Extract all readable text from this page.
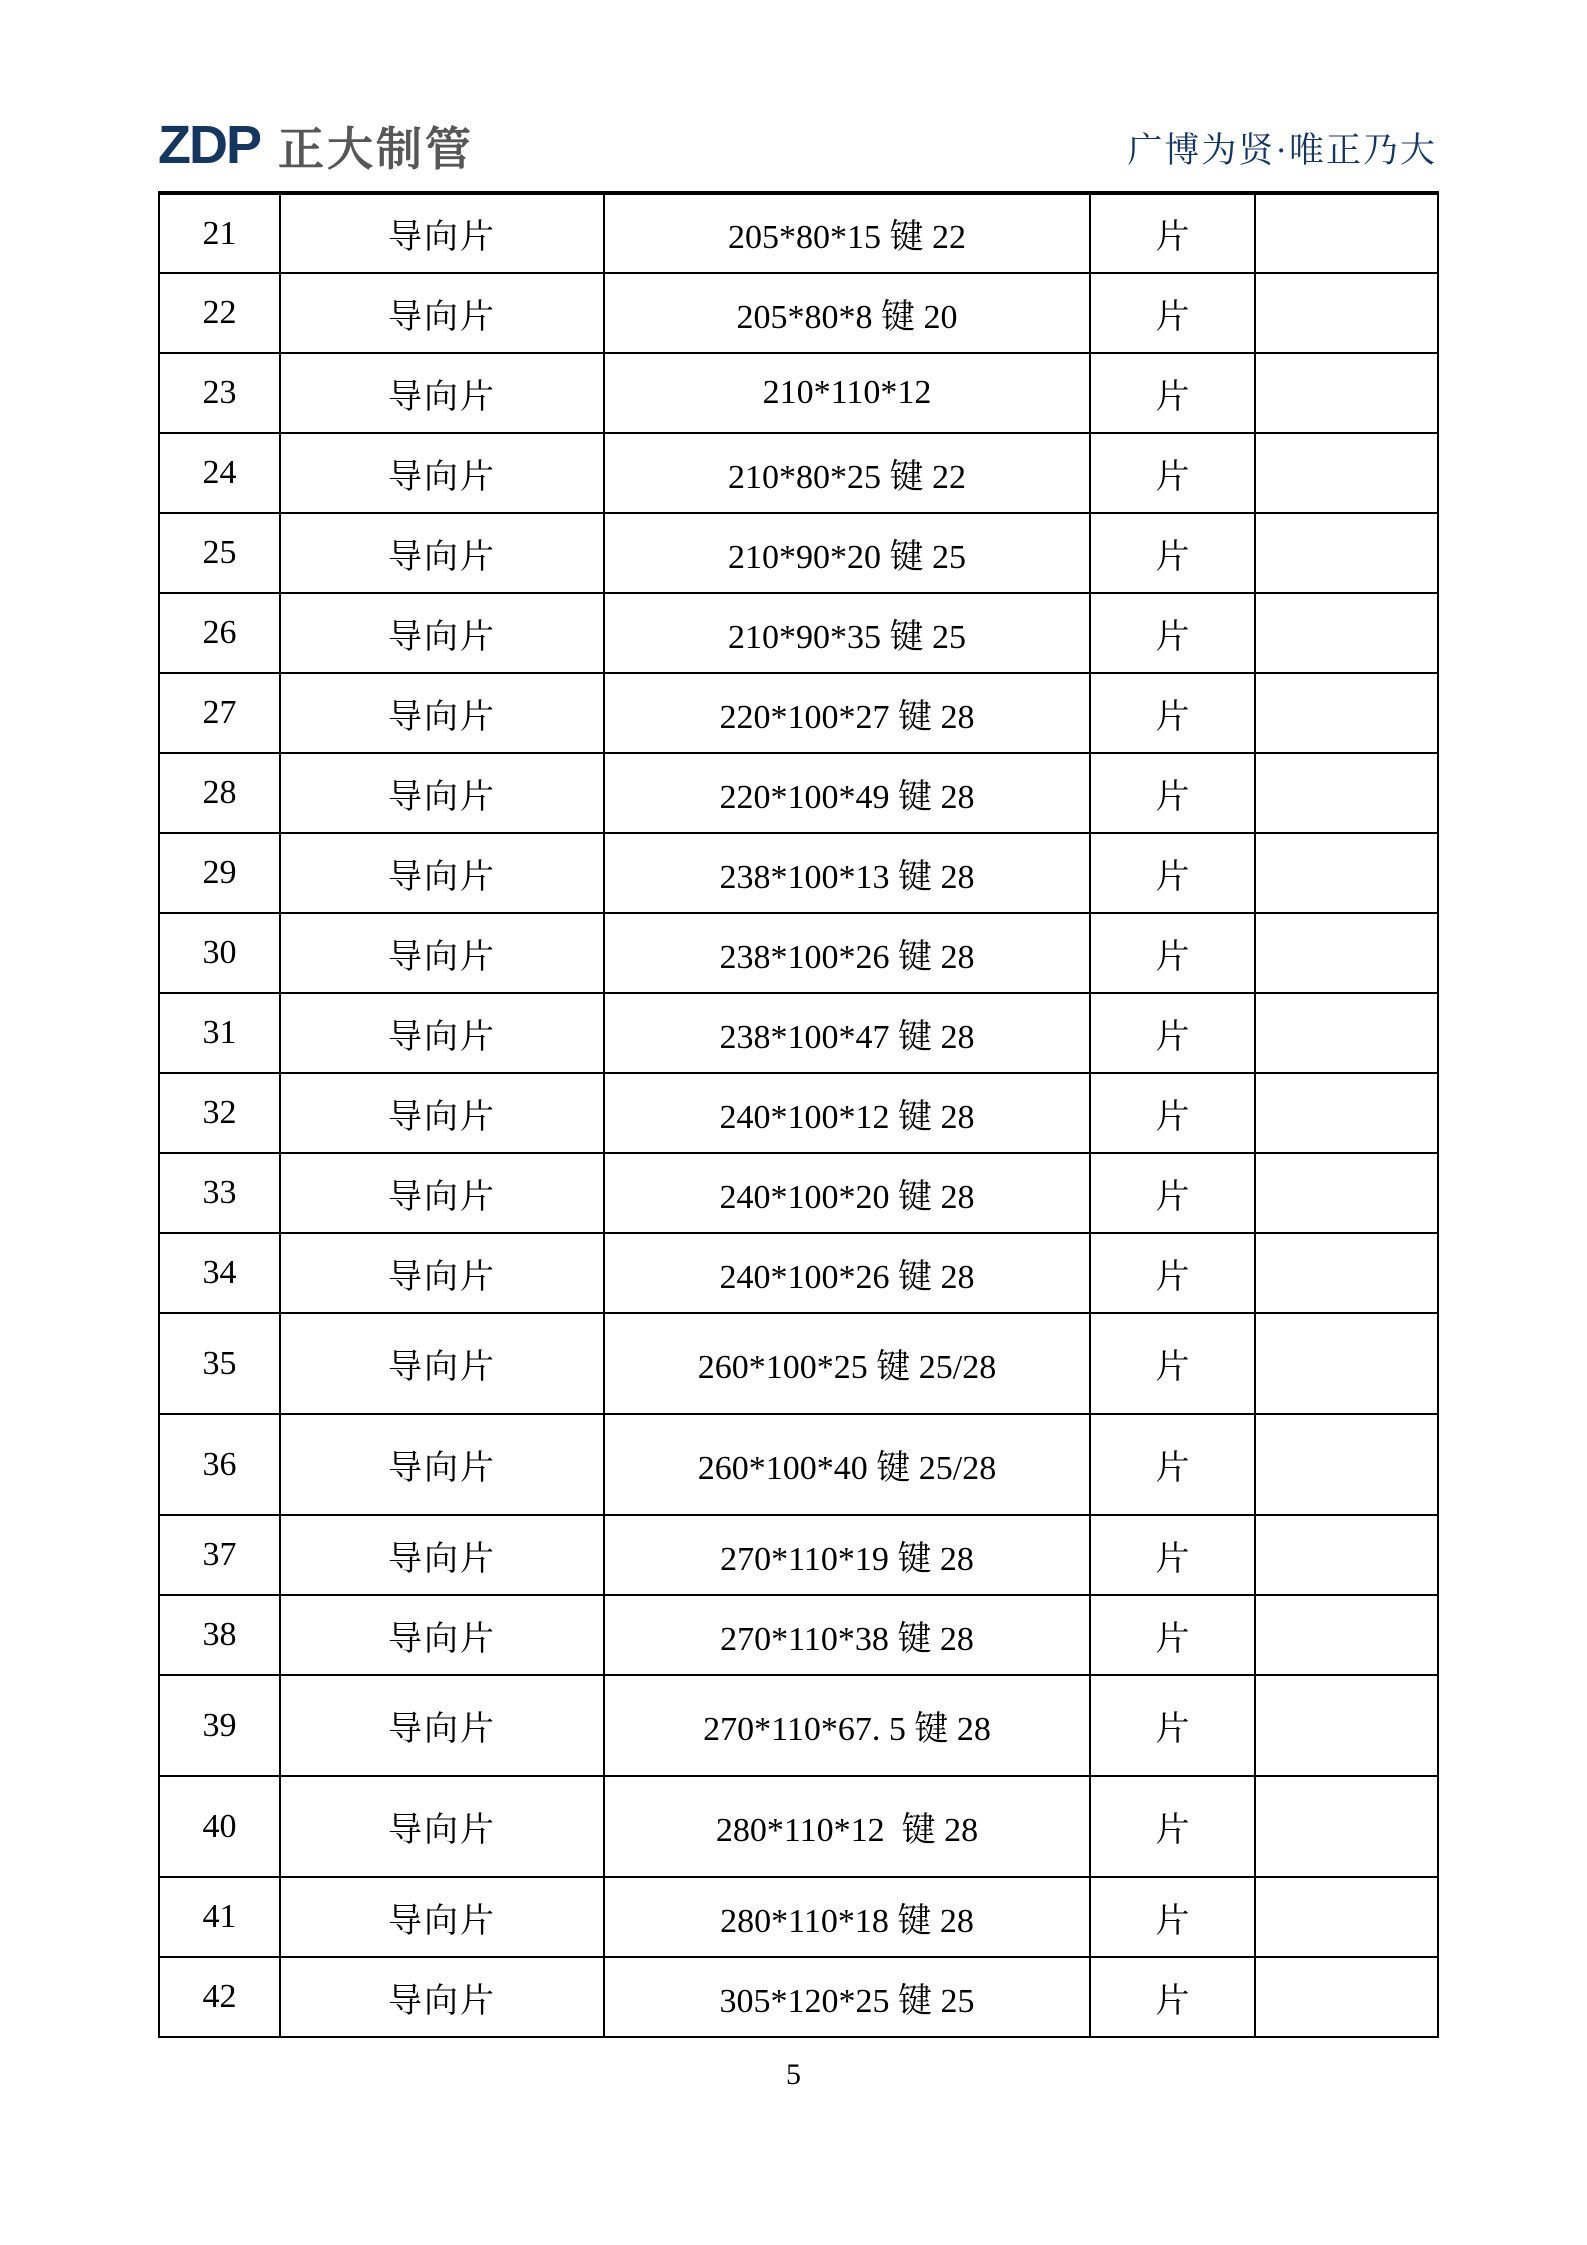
ZDP 正大制管	广博为贤·唯正乃大
21	导向片	205*80*15 键 22	片	
22	导向片	205*80*8 键 20	片	
23	导向片	210*110*12	片	
24	导向片	210*80*25 键 22	片	
25	导向片	210*90*20 键 25	片	
26	导向片	210*90*35 键 25	片	
27	导向片	220*100*27 键 28	片	
28	导向片	220*100*49 键 28	片	
29	导向片	238*100*13 键 28	片	
30	导向片	238*100*26 键 28	片	
31	导向片	238*100*47 键 28	片	
32	导向片	240*100*12 键 28	片	
33	导向片	240*100*20 键 28	片	
34	导向片	240*100*26 键 28	片	
35	导向片	260*100*25 键 25/28	片	
36	导向片	260*100*40 键 25/28	片	
37	导向片	270*110*19 键 28	片	
38	导向片	270*110*38 键 28	片	
39	导向片	270*110*67. 5 键 28	片	
40	导向片	280*110*12  键 28	片	
41	导向片	280*110*18 键 28	片	
42	导向片	305*120*25 键 25	片	
5
